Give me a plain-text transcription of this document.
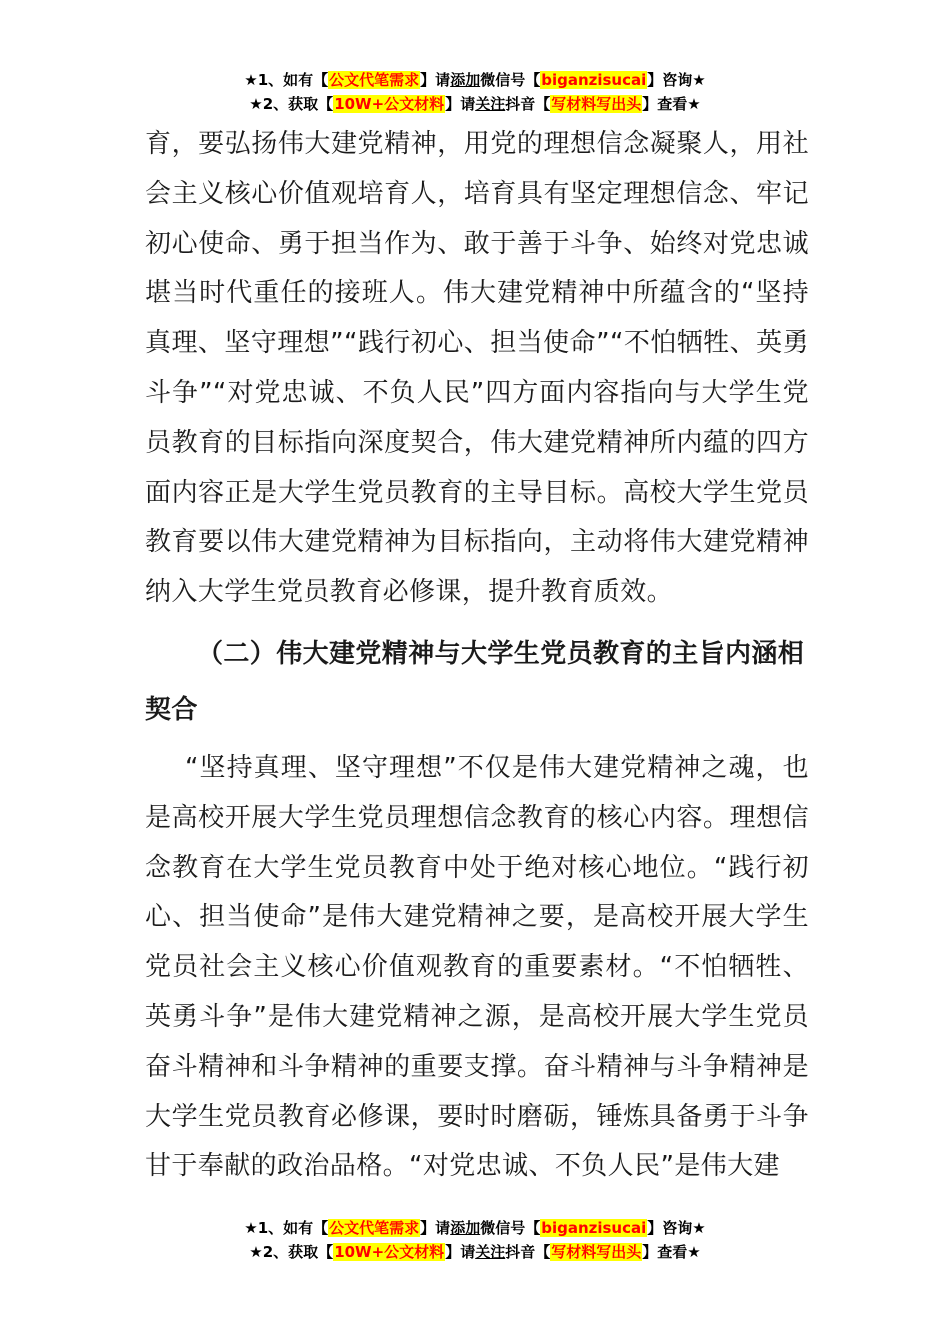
★1、如有【公文代笔需求】请添加微信号【biganzisucai】咨询★
★2、获取【10W+公文材料】请关注抖音【写材料写出头】查看★

育，要弘扬伟大建党精神，用党的理想信念凝聚人，用社会主义核心价值观培育人，培育具有坚定理想信念、牢记初心使命、勇于担当作为、敢于善于斗争、始终对党忠诚堪当时代重任的接班人。伟大建党精神中所蕴含的“坚持真理、坚守理想”“践行初心、担当使命”“不怕牺牲、英勇斗争”“对党忠诚、不负人民”四方面内容指向与大学生党员教育的目标指向深度契合，伟大建党精神所内蕴的四方面内容正是大学生党员教育的主导目标。高校大学生党员教育要以伟大建党精神为目标指向，主动将伟大建党精神纳入大学生党员教育必修课，提升教育质效。

（二）伟大建党精神与大学生党员教育的主旨内涵相契合

“坚持真理、坚守理想”不仅是伟大建党精神之魂，也是高校开展大学生党员理想信念教育的核心内容。理想信念教育在大学生党员教育中处于绝对核心地位。“践行初心、担当使命”是伟大建党精神之要，是高校开展大学生党员社会主义核心价值观教育的重要素材。“不怕牺牲、英勇斗争”是伟大建党精神之源，是高校开展大学生党员奋斗精神和斗争精神的重要支撑。奋斗精神与斗争精神是大学生党员教育必修课，要时时磨砺，锤炼具备勇于斗争甘于奉献的政治品格。“对党忠诚、不负人民”是伟大建

★1、如有【公文代笔需求】请添加微信号【biganzisucai】咨询★
★2、获取【10W+公文材料】请关注抖音【写材料写出头】查看★
